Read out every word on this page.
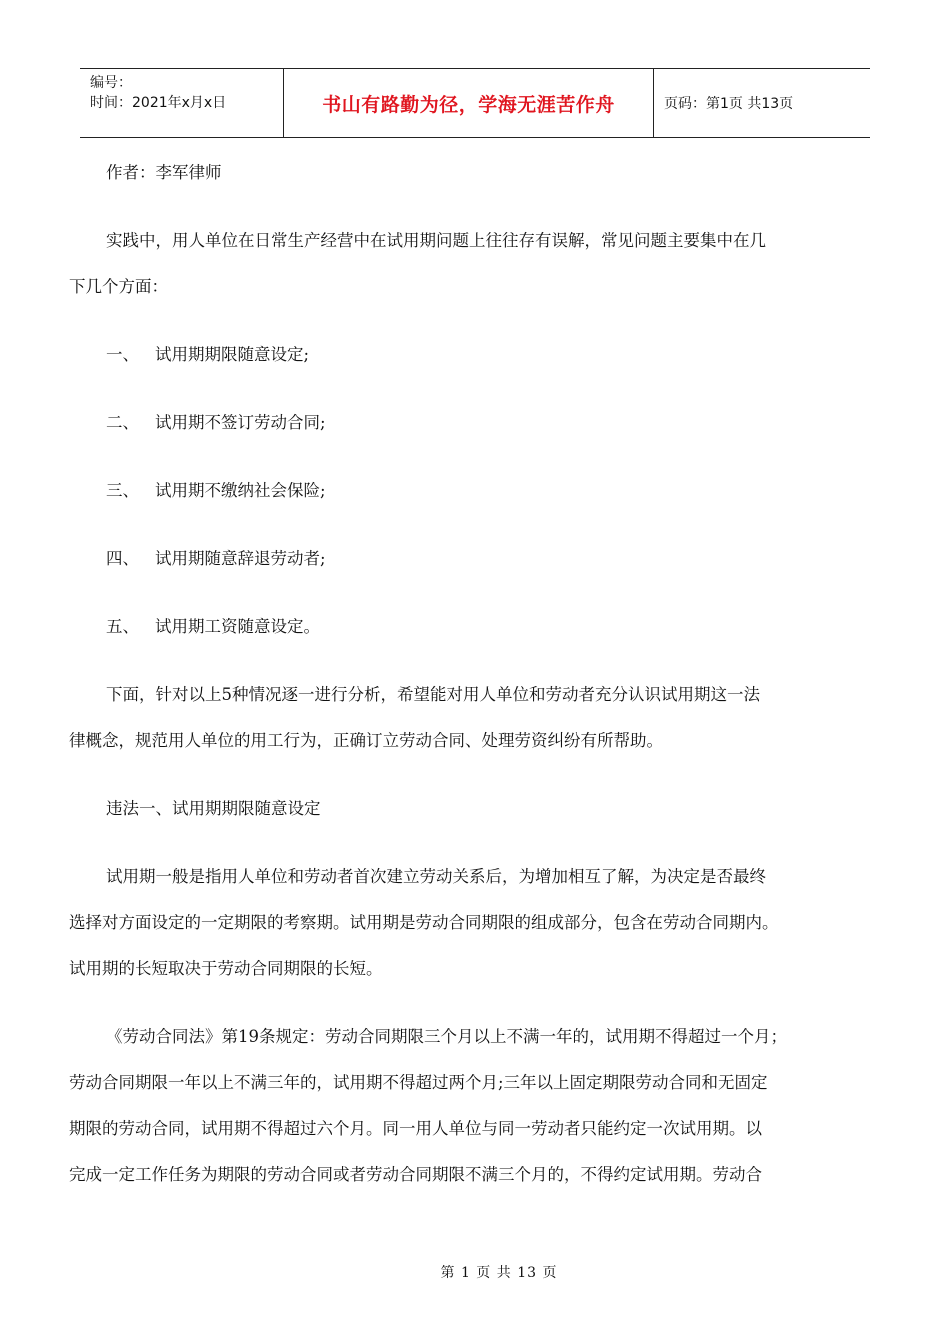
编号：
时间：2021年x月x日	书山有路勤为径，学海无涯苦作舟	页码：第1页 共13页
作者：李军律师
实践中，用人单位在日常生产经营中在试用期问题上往往存有误解，常见问题主要集中在几
下几个方面：
一、 试用期期限随意设定;
二、 试用期不签订劳动合同;
三、 试用期不缴纳社会保险;
四、 试用期随意辞退劳动者;
五、 试用期工资随意设定。
下面，针对以上5种情况逐一进行分析，希望能对用人单位和劳动者充分认识试用期这一法
律概念，规范用人单位的用工行为，正确订立劳动合同、处理劳资纠纷有所帮助。
违法一、试用期期限随意设定
试用期一般是指用人单位和劳动者首次建立劳动关系后，为增加相互了解，为决定是否最终
选择对方面设定的一定期限的考察期。试用期是劳动合同期限的组成部分，包含在劳动合同期内。
试用期的长短取决于劳动合同期限的长短。
《劳动合同法》第19条规定：劳动合同期限三个月以上不满一年的，试用期不得超过一个月；
劳动合同期限一年以上不满三年的，试用期不得超过两个月;三年以上固定期限劳动合同和无固定
期限的劳动合同，试用期不得超过六个月。同一用人单位与同一劳动者只能约定一次试用期。以
完成一定工作任务为期限的劳动合同或者劳动合同期限不满三个月的，不得约定试用期。劳动合
第 1 页 共 13 页
